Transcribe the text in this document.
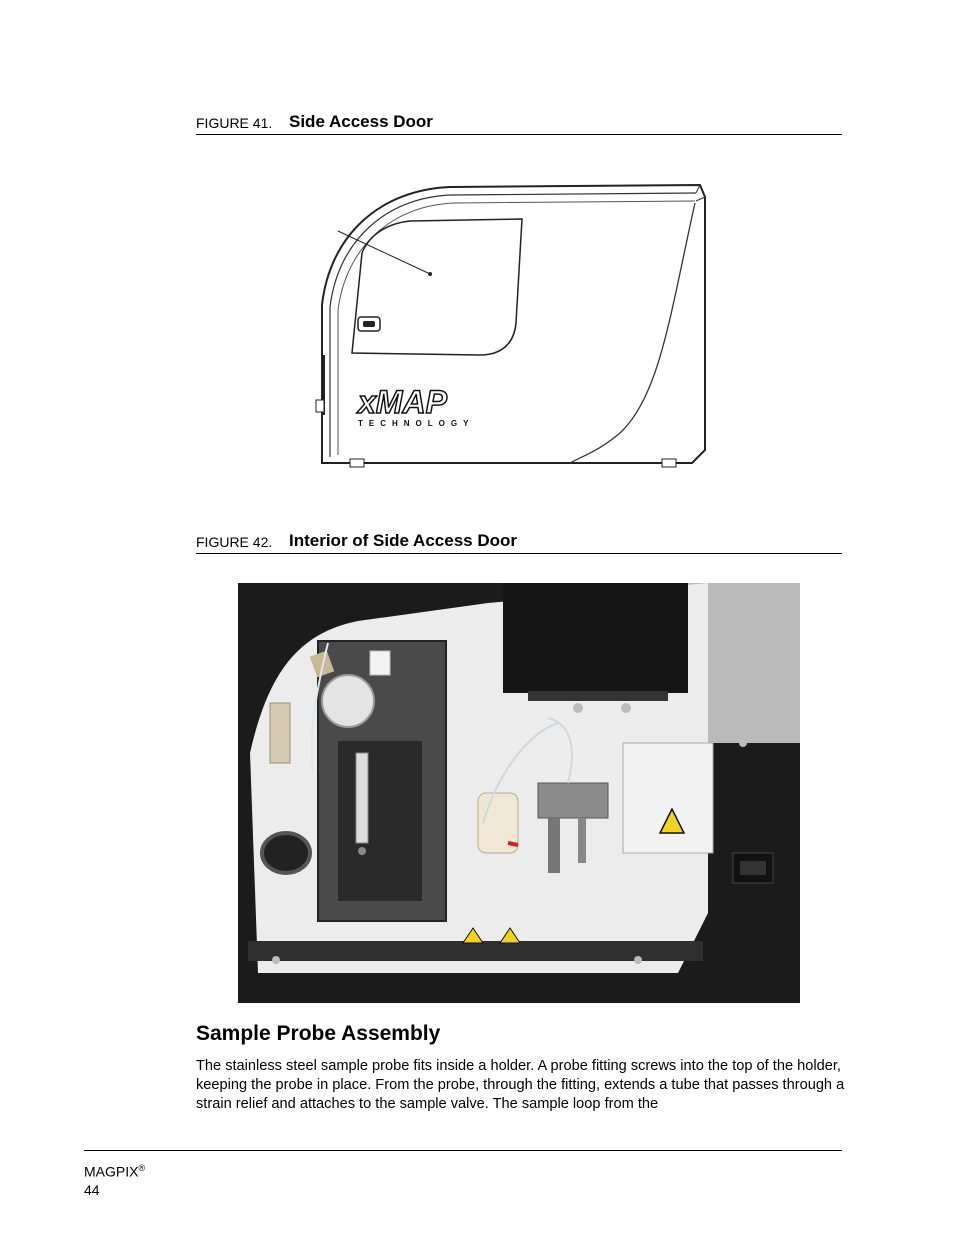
FIGURE 41. Side Access Door
xMAP
TECHNOLOGY
FIGURE 42. Interior of Side Access Door
Sample Probe Assembly

The stainless steel sample probe fits inside a holder. A probe fitting screws into the top of the holder, keeping the probe in place. From the probe, through the fitting, extends a tube that passes through a strain relief and attaches to the sample valve. The sample loop from the

MAGPIX®
44
